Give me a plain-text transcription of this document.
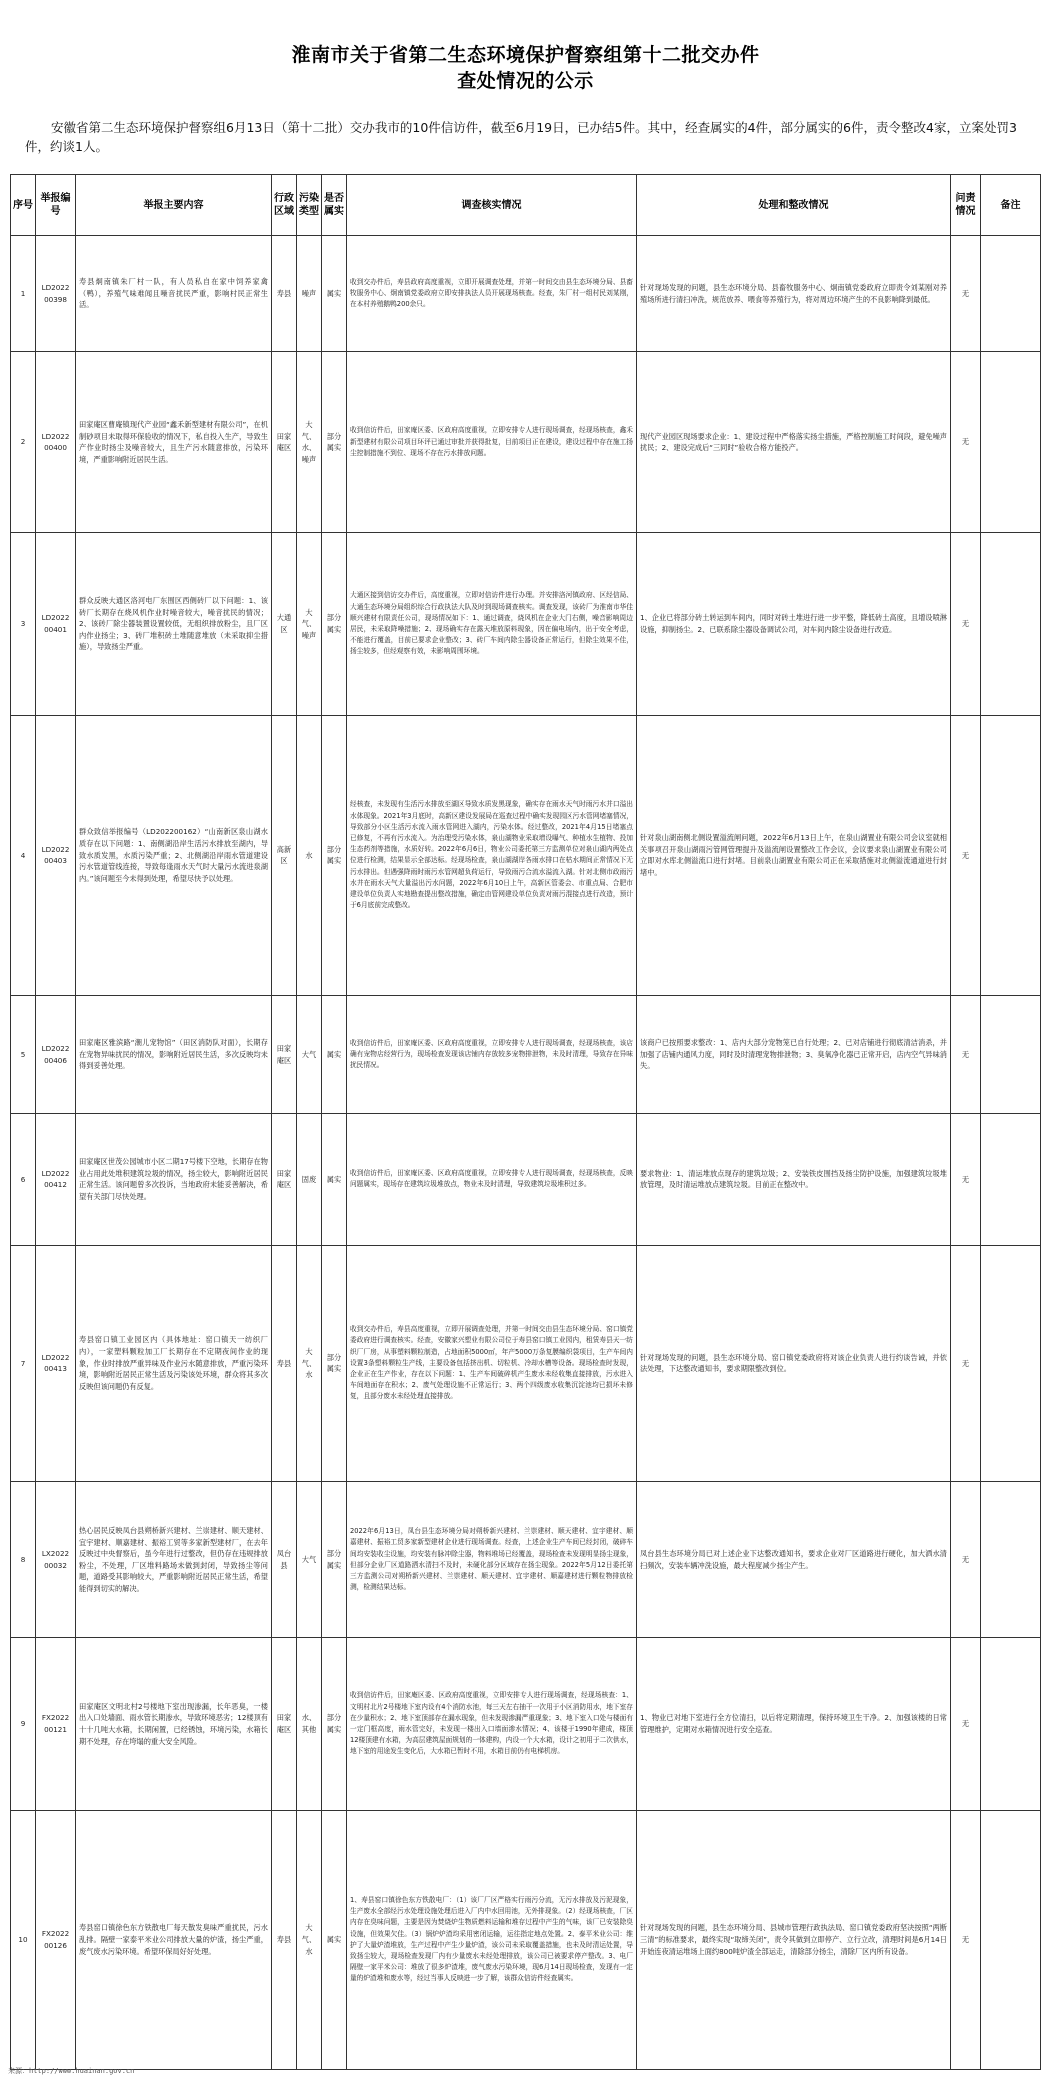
淮南市关于省第二生态环境保护督察组第十二批交办件
查处情况的公示
安徽省第二生态环境保护督察组6月13日（第十二批）交办我市的10件信访件，截至6月19日，已办结5件。其中，经查属实的4件，部分属实的6件，责令整改4家，立案处罚3件，约谈1人。
序号	举报编号	举报主要内容	行政区域	污染类型	是否属实	调查核实情况	处理和整改情况	问责情况	备注
1	LD2022 00398	寿县炯南镇朱厂村一队，有人员私自在家中饲养家禽（鸭），养殖气味难闻且噪音扰民严重，影响村民正常生活。	寿县	噪声	属实	收到交办件后，寿县政府高度重视，立即开展调查处理，并第一时间交由县生态环境分局、县畜牧服务中心、炯南镇党委政府立即安排执法人员开展现场核查。经查，朱厂村一组村民刘某刚，在本村养殖鹅鸭200余只。	针对现场发现的问题，县生态环境分局、县畜牧服务中心、炯南镇党委政府立即责令刘某刚对养殖场所进行清扫冲洗，规范放养、喂食等养殖行为，将对周边环境产生的不良影响降到最低。	无	
2	LD2022 00400	田家庵区曹庵镇现代产业园“鑫禾新型建材有限公司”，在机制砂项目未取得环保验收的情况下，私自投入生产，导致生产作业时扬尘及噪音较大，且生产污水随意排放，污染环境，严重影响附近居民生活。	田家庵区	大气、水、噪声	部分属实	收到信访件后，田家庵区委、区政府高度重视，立即安排专人进行现场调查，经现场核查，鑫禾新型建材有限公司项目环评已通过审批并获得批复，目前项目正在建设，建设过程中存在施工扬尘控制措施不到位、现场不存在污水排放问题。	现代产业园区现场要求企业：1、建设过程中严格落实扬尘措施，严格控制施工时间段，避免噪声扰民；2、建设完成后“三同时”验收合格方能投产。	无	
3	LD2022 00401	群众反映大通区洛河电厂东围区西侧砖厂以下问题：1、该砖厂长期存在烧风机作业时噪音较大，噪音扰民的情况；2、该砖厂除尘器装置设置较低，无组织排放粉尘，且厂区内作业扬尘；3、砖厂堆积砖土堆随意堆放（未采取抑尘措施），导致扬尘严重。	大通区	大气、噪声	部分属实	大通区接到信访交办件后，高度重视，立即对信访件进行办理。并安排洛河镇政府、区经信局、大通生态环境分局组织综合行政执法大队及时到现场调查核实。调查发现，该砖厂为淮南市华佳顺兴建材有限责任公司，现场情况如下：1、通过调查，烧风机在企业大门右侧，噪音影响周边居民，未采取降噪措施；2、现场确实存在露天堆放原料现象，因在偏电场内，出于安全考虑，不能进行覆盖，目前已要求企业整改；3、砖厂车间内除尘器设备正常运行，但除尘效果不佳，扬尘较多，但经观察有效，未影响周围环境。	1、企业已将部分砖土转运到车间内，同时对砖土堆进行进一步平整，降低砖土高度，且增设喷淋设施，抑制扬尘。2、已联系除尘器设备调试公司，对车间内除尘设备进行改造。	无	
4	LD2022 00403	群众致信举报编号（LD202200162）“山南新区泉山湖水质存在以下问题：1、南侧湖沿岸生活污水排放至湖内，导致水质发黑，水质污染严重；2、北侧湖沿岸雨水管道建设污水管道管线连接，导致每逢雨水天气时大量污水流进泉湖内。”该问题至今未得到处理，希望尽快予以处理。	高新区	水	部分属实	经核查，未发现有生活污水排放至湖区导致水质发黑现象，确实存在雨水天气时雨污水并口溢出水体现象。2021年3月底时，高新区建设发展局在巡查过程中确实发现园区污水管网堵塞情况，导致部分小区生活污水流入雨水管网进入湖内，污染水体。经过整改，2021年4月15日堵塞点已修复，不再有污水流入。为治理受污染水体，泉山湖物业采取增设曝气、种植水生植物、投加生态药剂等措施，水质好转。2022年6月6日，物业公司委托第三方监测单位对泉山湖内两处点位进行检测，结果显示全部达标。经现场检查，泉山湖湖岸各雨水排口在枯水期间正常情况下无污水排出。但遇强降雨时雨污水管网超负荷运行，导致雨污合流水溢流入湖。针对北侧市政雨污水井在雨水天气大量溢出污水问题，2022年6月10日上午，高新区管委会、市重点局、合肥市建设单位负责人实地勘查提出整改措施，确定由管网建设单位负责对雨污混接点进行改造，预计于6月底前完成整改。	针对泉山湖南侧北侧设置溢流闸问题，2022年6月13日上午，在泉山湖置业有限公司会议室就相关事项召开泉山湖雨污管网管理提升及溢流闸设置整改工作会议，会议要求泉山湖置业有限公司立即对水库北侧溢流口进行封堵。目前泉山湖置业有限公司正在采取措施对北侧溢流通道进行封堵中。	无	
5	LD2022 00406	田家庵区雅滨路“潮儿宠物馆”（田区消防队对面），长期存在宠物异味扰民的情况，影响附近居民生活，多次反映均未得到妥善处理。	田家庵区	大气	属实	收到信访件后，田家庵区委、区政府高度重视，立即安排专人进行现场调查，经现场核查，该店确有宠物店经营行为，现场检查发现该店铺内存放较多宠物排泄物，未及时清理，导致存在异味扰民情况。	该商户已按照要求整改：1、店内大部分宠物笼已自行处理；2、已对店铺进行彻底清洁消杀，并加强了店铺内通风力度，同时及时清理宠物排泄物；3、臭氧净化器已正常开启，店内空气异味消失。	无	
6	LD2022 00412	田家庵区世茂公园城市小区二期17号楼下空地，长期存在物业占用此处堆积建筑垃圾的情况，扬尘较大，影响附近居民正常生活。该问题曾多次投诉，当地政府未能妥善解决，希望有关部门尽快处理。	田家庵区	固废	属实	收到信访件后，田家庵区委、区政府高度重视，立即安排专人进行现场调查，经现场核查，反映问题属实，现场存在建筑垃圾堆放点，物业未及时清理，导致建筑垃圾堆积过多。	要求物业：1、清运堆放点现存的建筑垃圾；2、安装铁皮围挡及扬尘防护设施，加强建筑垃圾堆放管理，及时清运堆放点建筑垃圾。目前正在整改中。	无	
7	LD2022 00413	寿县窑口镇工业园区内（具体地址：窑口镇天一纺织厂内），一家塑料颗粒加工厂长期存在不定期夜间作业的现象，作业时排放严重异味及作业污水随意排放，严重污染环境，影响附近居民正常生活及污染该处环境，群众将其多次反映但该问题仍有反复。	寿县	大气、水	部分属实	收到交办件后，寿县高度重视，立即开展调查处理，并第一时间交由县生态环境分局、窑口镇党委政府进行调查核实。经查，安徽家兴塑业有限公司位于寿县窑口镇工业园内，租赁寿县天一纺织厂厂房，从事塑料颗粒制造，占地面积5000㎡，年产5000万条复膜编织袋项目，生产车间内设置3条塑料颗粒生产线，主要设备包括挤出机、切粒机、冷却水槽等设备。现场检查时发现，企业正在生产作业，存在以下问题：1、生产车间破碎机产生废水未经收集直接排放，污水进入车间地面存在积水；2、废气处理设施不正常运行；3、两个四级废水收集沉淀池均已损坏未修复，且部分废水未经处理直接排放。	针对现场发现的问题，县生态环境分局、窑口镇党委政府将对该企业负责人进行约谈告诫，并依法处理，下达整改通知书，要求期限整改到位。	无	
8	LX2022 00032	热心居民反映凤台县朔桥新兴建材、兰崇建材、顺天建材、宜宇建材、顺嘉建材、振裕工贸等多家新型建材厂，在去年反映过中央督察后，虽今年进行过整改，但仍存在违规排放粉尘，不处理，厂区堆料路场未做到封闭，导致扬尘等问题，道路受其影响较大，严重影响附近居民正常生活，希望能得到切实的解决。	凤台县	大气	部分属实	2022年6月13日，凤台县生态环境分局对朔桥新兴建材、兰崇建材、顺天建材、宜宇建材、顺嘉建材、振裕工贸多家新型建材企业进行现场调查。经查，上述企业生产车间已经封闭，破碎车间均安装收尘设施，均安装有脉冲除尘器，物料堆场已经覆盖，现场检查未发现明显扬尘现象，但部分企业厂区道路洒水清扫不及时，未硬化部分区域存在扬尘现象。2022年5月12日委托第三方监测公司对朔桥新兴建材、兰崇建材、顺天建材、宜宇建材、顺嘉建材进行颗粒物排放检测，检测结果达标。	凤台县生态环境分局已对上述企业下达整改通知书，要求企业对厂区道路进行硬化，加大洒水清扫频次，安装车辆冲洗设施，最大程度减少扬尘产生。	无	
9	FX2022 00121	田家庵区文明北村2号楼地下室出现渗漏，长年恶臭，一楼出入口处墙面、雨水管长期渗水，导致环境恶劣；12楼顶有十十几吨大水箱，长期闲置，已经锈蚀，环境污染，水箱长期不处理，存在垮塌的重大安全风险。	田家庵区	水、其他	部分属实	收到信访件后，田家庵区委、区政府高度重视，立即安排专人进行现场调查，经现场核查：1、文明村北片2号楼地下室内设有4个消防水池，每三天左右抽干一次用于小区消防用水，地下室存在少量积水；2、地下室顶部存在漏水现象，但未发现渗漏严重现象；3、地下室入口处与楼面有一定门框高度，雨水管完好，未发现一楼出入口墙面渗水情况；4、该楼于1990年建成，楼顶12楼顶建有水箱，为高层建筑屋面规划的一体建构，内设一个大水箱，设计之初用于二次供水，地下室的用途发生变化后，大水箱已暂时不用，水箱目前仍有电梯机房。	1、物业已对地下室进行全方位清扫，以后将定期清理，保持环境卫生干净。2、加强该楼的日常管理维护，定期对水箱情况进行安全巡查。	无	
10	FX2022 00126	寿县窑口镇徐色东方铁散电厂每天散发臭味严重扰民，污水乱排。隔壁一家泰平米业公司排放大量的炉渣，扬尘严重，废气废水污染环境。希望环保局好好处理。	寿县	大气、水	属实	1、寿县窑口镇徐色东方铁散电厂：（1）该厂厂区严格实行雨污分流，无污水排放及污泥现象，生产废水全部经污水处理设施处理后进入厂内中水回用池，无外排现象。（2）经现场核查，厂区内存在臭味问题，主要是因为焚烧炉生物质燃料运输和堆存过程中产生的气味，该厂已安装除臭设施，但效果欠佳。（3）锅炉炉渣均采用密闭运输，运往指定地点处置。2、泰平米业公司：维护了大量炉渣堆放，生产过程中产生少量炉渣，该公司未采取覆盖措施，也未及时清运处置，导致扬尘较大，现场检查发现厂内有少量废水未经处理排放，该公司已被要求停产整改。3、电厂隔壁一家平米公司：堆放了很多炉渣堆，废气废水污染环境，现6月14日现场检查，发现有一定量的炉渣堆和废水等，经过当事人反映进一步了解，该群众信访件经查属实。	针对现场发现的问题，县生态环境分局、县城市管理行政执法局、窑口镇党委政府坚决按照“两断三清”的标准要求，最终实现“取缔关闭”，责令其做到立即停产、立行立改，清理时间是6月14日开始连夜清运堆场上面约800吨炉渣全部运走，清除部分扬尘，清除厂区内所有设备。	无	
来源：http://www.huainan.gov.cn
